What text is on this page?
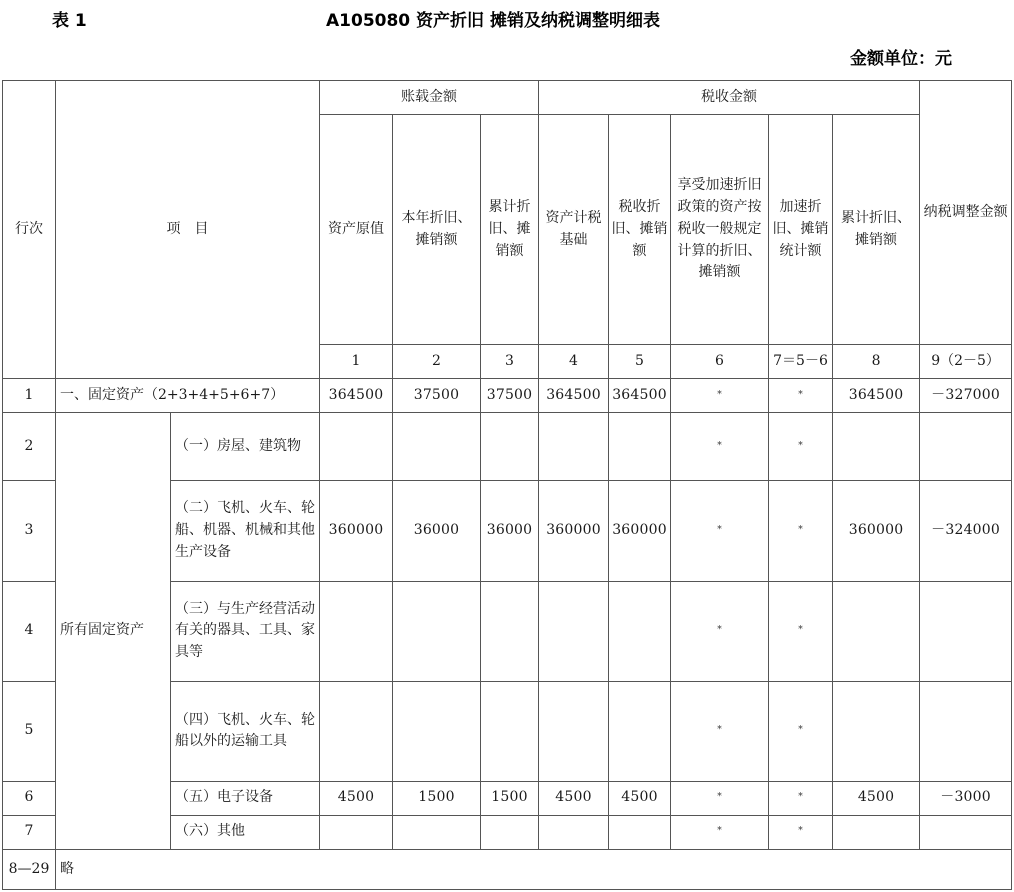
表 1	A105080 资产折旧 摊销及纳税调整明细表
金额单位：元
行次	项　目		账载金额			税收金额					纳税调整金额
			资产原值	本年折旧、摊销额	累计折旧、摊销额	资产计税基础	税收折旧、摊销额	享受加速折旧政策的资产按税收一般规定计算的折旧、摊销额	加速折旧、摊销统计额	累计折旧、摊销额	
			1	2	3	4	5	6	7＝5－6	8	9（2－5）
1	一、固定资产（2+3+4+5+6+7）		364500	37500	37500	364500	364500	*	*	364500	－327000
2	所有固定资产	（一）房屋、建筑物						*	*		
3		（二）飞机、火车、轮船、机器、机械和其他生产设备	360000	36000	36000	360000	360000	*	*	360000	－324000
4		（三）与生产经营活动有关的器具、工具、家具等						*	*		
5		（四）飞机、火车、轮船以外的运输工具						*	*		
6		（五）电子设备	4500	1500	1500	4500	4500	*	*	4500	－3000
7		（六）其他						*	*		
8—29	略										
